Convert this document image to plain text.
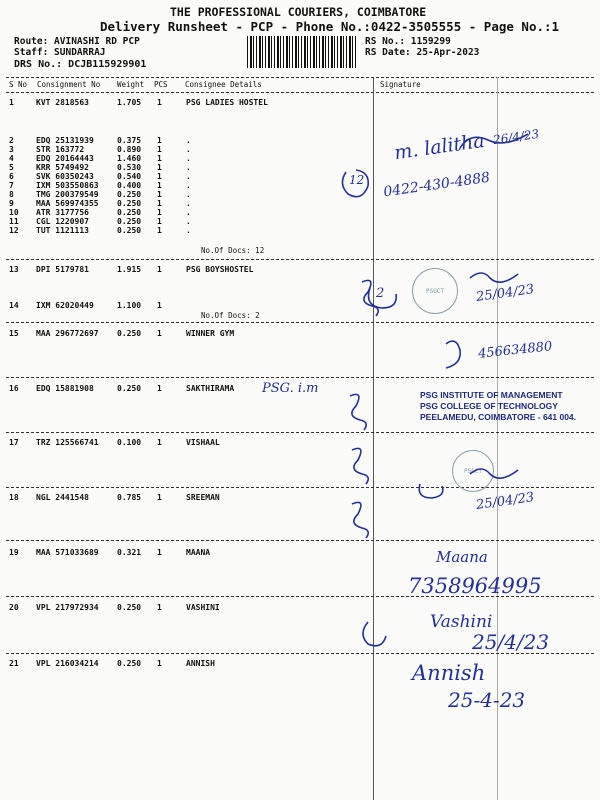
THE PROFESSIONAL COURIERS, COIMBATORE
Delivery Runsheet - PCP - Phone No.:0422-3505555 - Page No.:1
Route: AVINASHI RD PCP
Staff: SUNDARRAJ
DRS No.: DCJB115929901
RS No.: 1159299
RS Date: 25-Apr-2023
S No Consignment No Weight PCS Consignee Details	Signature
1	KVT 2818563	1.705 1	PSG LADIES HOSTEL
2	EDQ 25131939	0.375 1	.
3	STR 163772	0.890 1	.
4	EDQ 20164443	1.460 1	.
5	KRR 5749492	0.530 1	.
6	SVK 60350243	0.540 1	.
7	IXM 503550863 0.400 1	.
8	TMG 200379549 0.250 1	.
9	MAA 569974355 0.250 1	.
10 ATR 3177756	0.250 1	.
11 CGL 1220907	0.250 1	.
12 TUT 1121113	0.250 1	.
No.Of Docs: 12
13 DPI 5179781	1.915 1	PSG BOYSHOSTEL
14 IXM 62020449	1.100 1
No.Of Docs: 2
15 MAA 296772697 0.250 1	WINNER GYM
16 EDQ 15881908	0.250 1	SAKTHIRAMA
17 TRZ 125566741 0.100 1	VISHAAL
18 NGL 2441548	0.785 1	SREEMAN
19 MAA 571033689 0.321 1	MAANA
20 VPL 217972934 0.250 1	VASHINI
21 VPL 216034214 0.250 1	ANNISH
PSG INSTITUTE OF MANAGEMENT
PSG COLLEGE OF TECHNOLOGY
PEELAMEDU, COIMBATORE - 641 004.
PSGCT
PSGCT
m. lalitha 26/4/23
12 0422-430-4888
2	25/04/23
456634880
PSG. i.m
25/04/23
Maana
7358964995
Vashini
25/4/23
Annish
25-4-23
